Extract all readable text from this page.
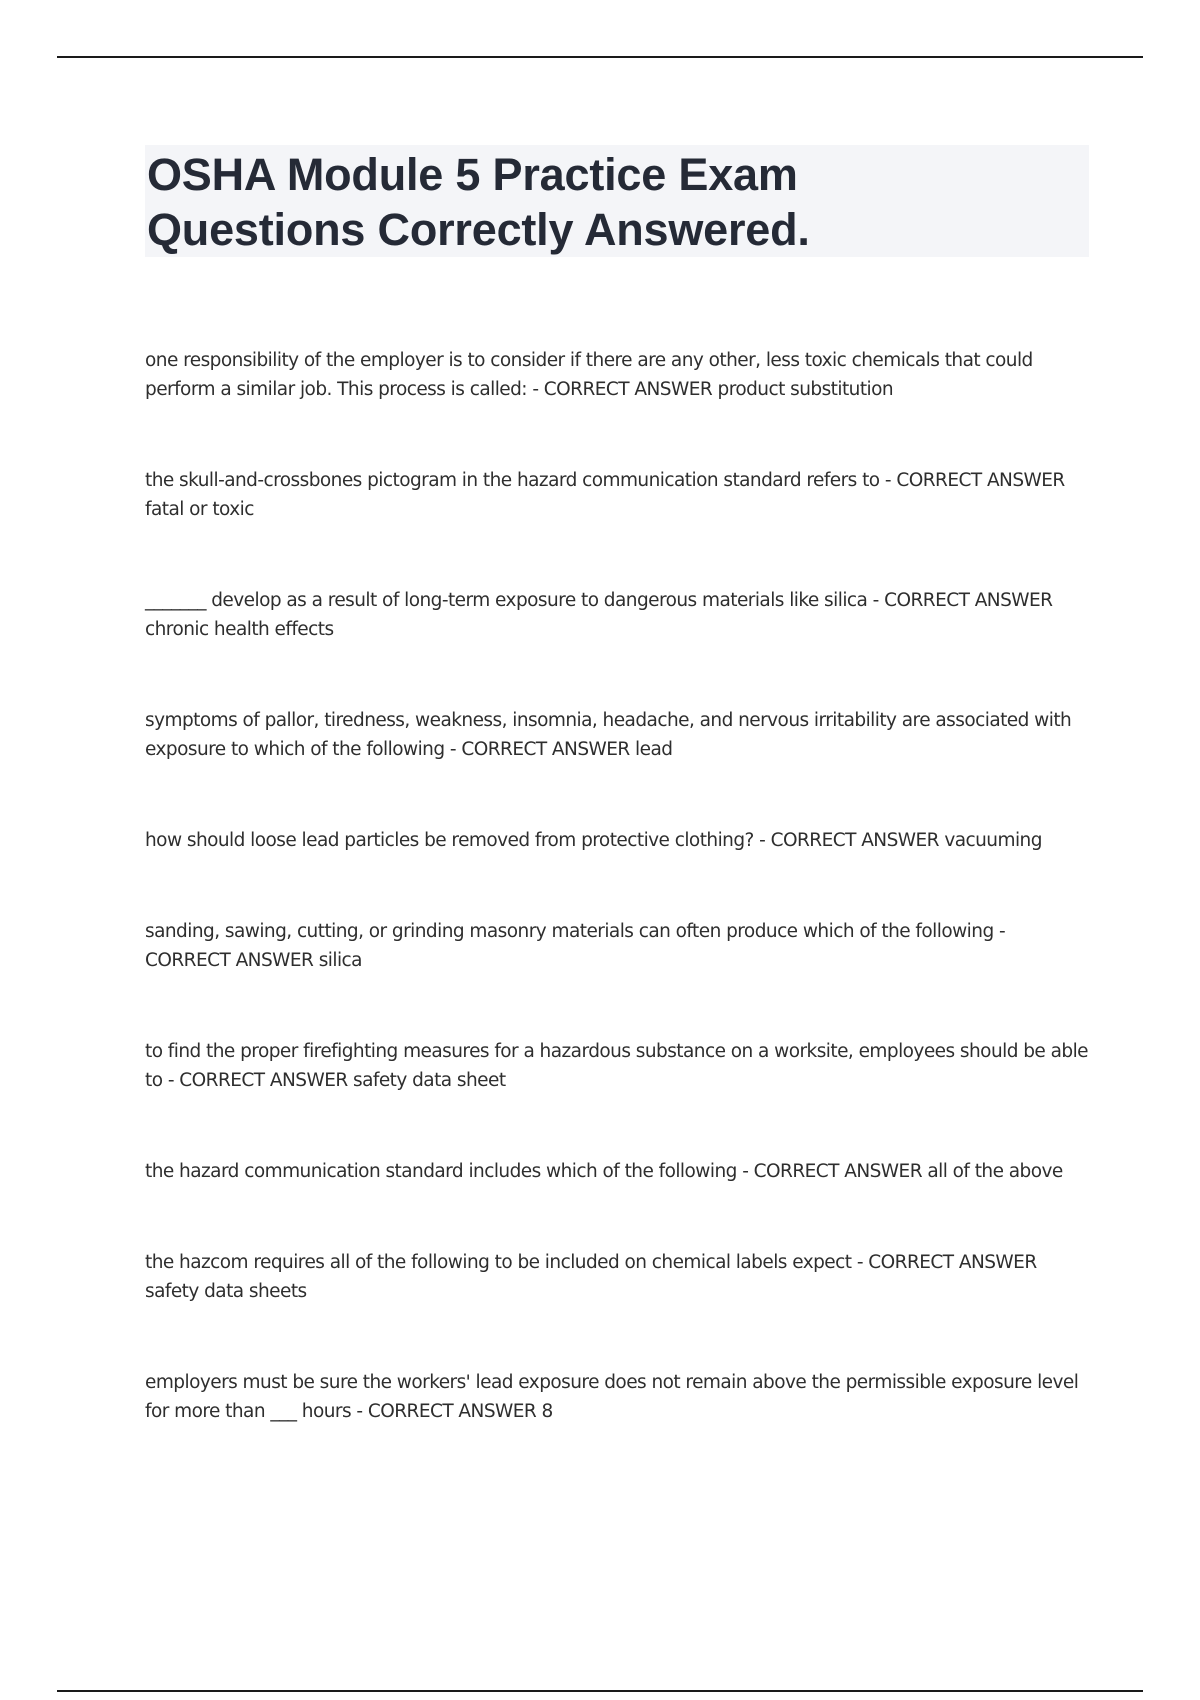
OSHA Module 5 Practice Exam
Questions Correctly Answered.
one responsibility of the employer is to consider if there are any other, less toxic chemicals that could perform a similar job. This process is called: - CORRECT ANSWER product substitution
the skull-and-crossbones pictogram in the hazard communication standard refers to - CORRECT ANSWER fatal or toxic
_______ develop as a result of long-term exposure to dangerous materials like silica - CORRECT ANSWER chronic health effects
symptoms of pallor, tiredness, weakness, insomnia, headache, and nervous irritability are associated with exposure to which of the following - CORRECT ANSWER lead
how should loose lead particles be removed from protective clothing? - CORRECT ANSWER vacuuming
sanding, sawing, cutting, or grinding masonry materials can often produce which of the following - CORRECT ANSWER silica
to find the proper firefighting measures for a hazardous substance on a worksite, employees should be able to - CORRECT ANSWER safety data sheet
the hazard communication standard includes which of the following - CORRECT ANSWER all of the above
the hazcom requires all of the following to be included on chemical labels expect - CORRECT ANSWER safety data sheets
employers must be sure the workers' lead exposure does not remain above the permissible exposure level for more than ___ hours - CORRECT ANSWER 8
